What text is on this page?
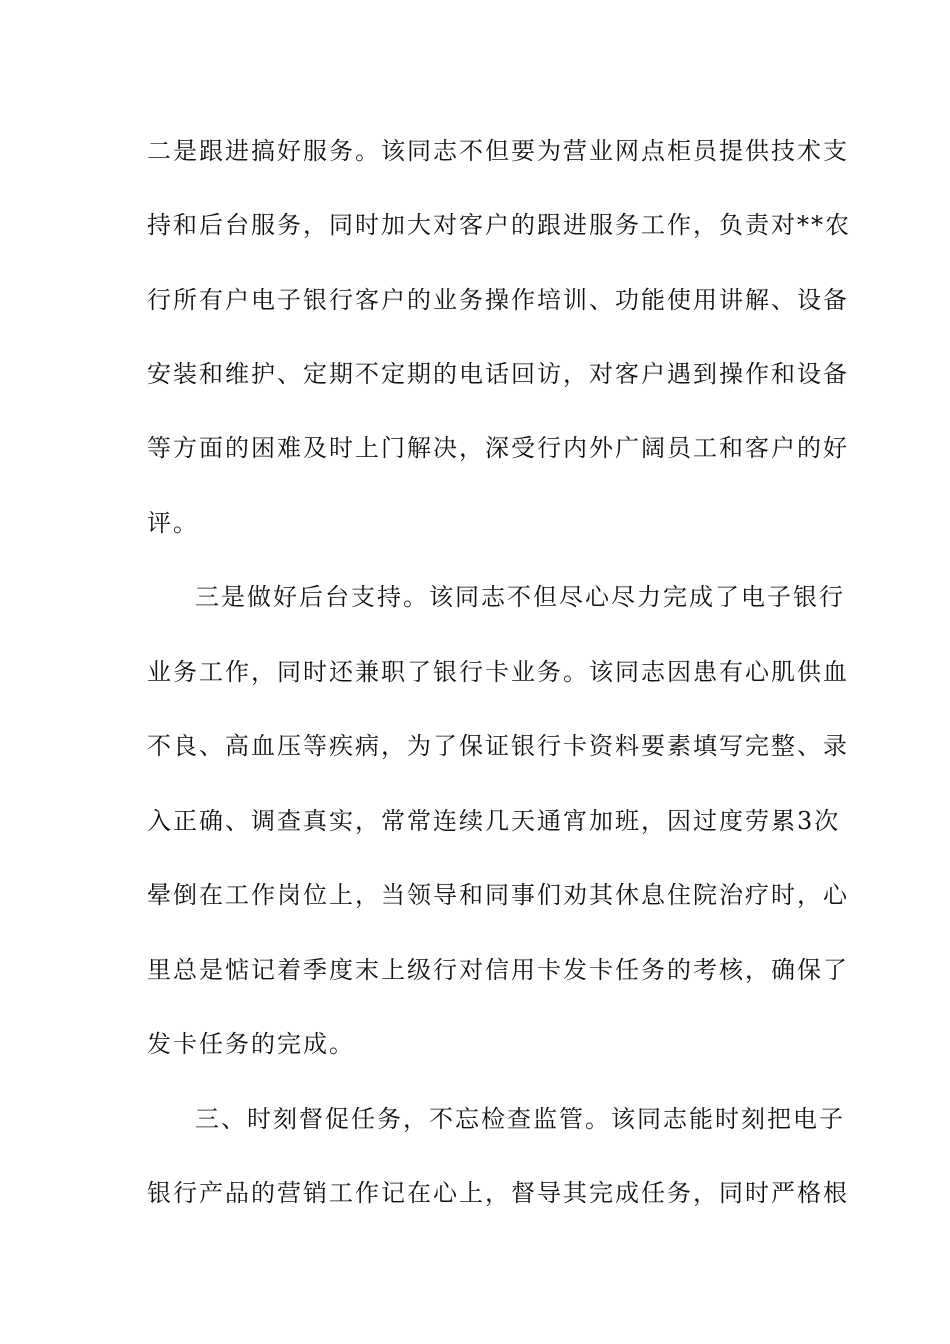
二是跟进搞好服务。该同志不但要为营业网点柜员提供技术支
持和后台服务，同时加大对客户的跟进服务工作，负责对**农
行所有户电子银行客户的业务操作培训、功能使用讲解、设备
安装和维护、定期不定期的电话回访，对客户遇到操作和设备
等方面的困难及时上门解决，深受行内外广阔员工和客户的好
评。
三是做好后台支持。该同志不但尽心尽力完成了电子银行
业务工作，同时还兼职了银行卡业务。该同志因患有心肌供血
不良、高血压等疾病，为了保证银行卡资料要素填写完整、录
入正确、调查真实，常常连续几天通宵加班，因过度劳累3次
晕倒在工作岗位上，当领导和同事们劝其休息住院治疗时，心
里总是惦记着季度末上级行对信用卡发卡任务的考核，确保了
发卡任务的完成。
三、时刻督促任务，不忘检查监管。该同志能时刻把电子
银行产品的营销工作记在心上，督导其完成任务，同时严格根
